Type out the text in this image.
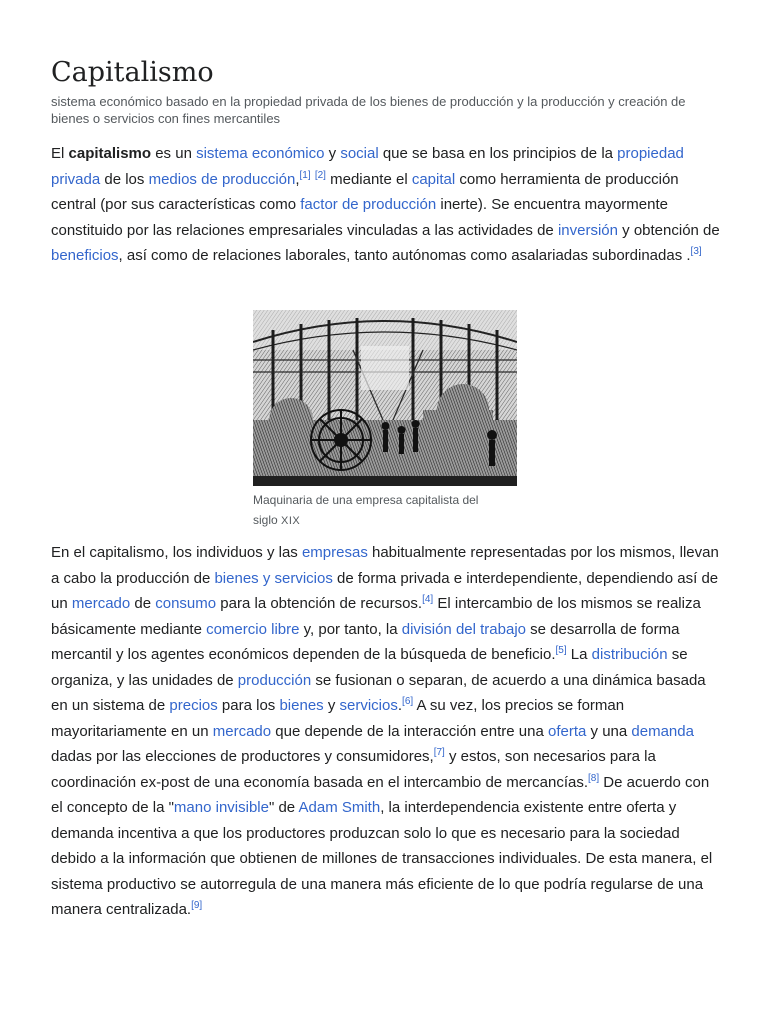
Capitalismo

sistema económico basado en la propiedad privada de los bienes de producción y la producción y creación de bienes o servicios con fines mercantiles

El capitalismo es un sistema económico y social que se basa en los principios de la propiedad privada de los medios de producción,[1] [2] mediante el capital como herramienta de producción central (por sus características como factor de producción inerte). Se encuentra mayormente constituido por las relaciones empresariales vinculadas a las actividades de inversión y obtención de beneficios, así como de relaciones laborales, tanto autónomas como asalariadas subordinadas .[3]

Maquinaria de una empresa capitalista del siglo XIX

En el capitalismo, los individuos y las empresas habitualmente representadas por los mismos, llevan a cabo la producción de bienes y servicios de forma privada e interdependiente, dependiendo así de un mercado de consumo para la obtención de recursos.[4] El intercambio de los mismos se realiza básicamente mediante comercio libre y, por tanto, la división del trabajo se desarrolla de forma mercantil y los agentes económicos dependen de la búsqueda de beneficio.[5] La distribución se organiza, y las unidades de producción se fusionan o separan, de acuerdo a una dinámica basada en un sistema de precios para los bienes y servicios.[6] A su vez, los precios se forman mayoritariamente en un mercado que depende de la interacción entre una oferta y una demanda dadas por las elecciones de productores y consumidores,[7] y estos, son necesarios para la coordinación ex-post de una economía basada en el intercambio de mercancías.[8] De acuerdo con el concepto de la "mano invisible" de Adam Smith, la interdependencia existente entre oferta y demanda incentiva a que los productores produzcan solo lo que es necesario para la sociedad debido a la información que obtienen de millones de transacciones individuales. De esta manera, el sistema productivo se autorregula de una manera más eficiente de lo que podría regularse de una manera centralizada.[9]
